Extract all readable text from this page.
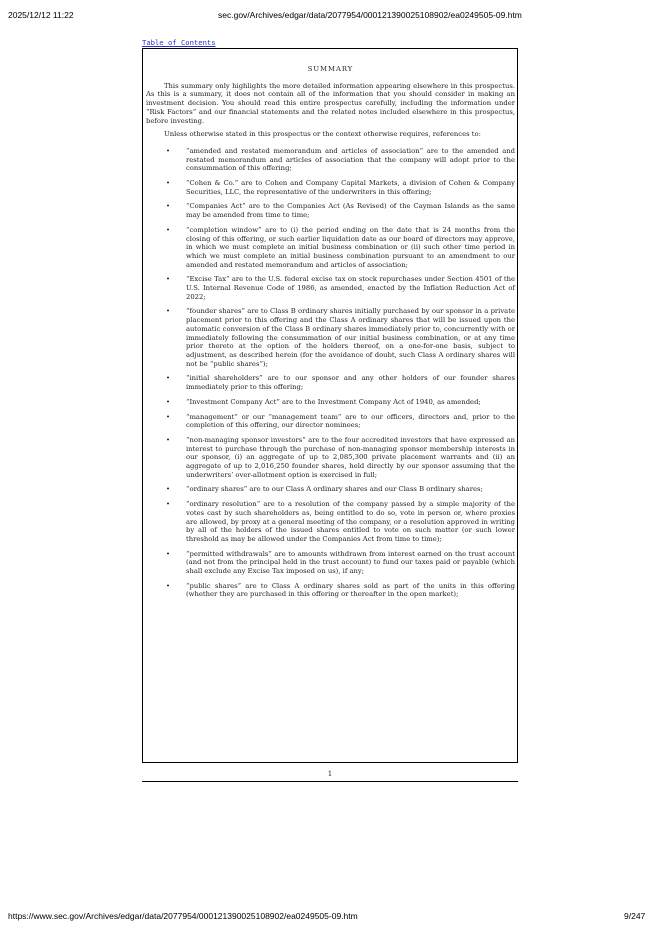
2025/12/12 11:22	sec.gov/Archives/edgar/data/2077954/000121390025108902/ea0249505-09.htm
Table of Contents
SUMMARY

This summary only highlights the more detailed information appearing elsewhere in this prospectus. As this is a summary, it does not contain all of the information that you should consider in making an investment decision. You should read this entire prospectus carefully, including the information under “Risk Factors” and our financial statements and the related notes included elsewhere in this prospectus, before investing.

Unless otherwise stated in this prospectus or the context otherwise requires, references to:

• “amended and restated memorandum and articles of association” are to the amended and restated memorandum and articles of association that the company will adopt prior to the consummation of this offering;
• “Cohen & Co.” are to Cohen and Company Capital Markets, a division of Cohen & Company Securities, LLC, the representative of the underwriters in this offering;
• “Companies Act” are to the Companies Act (As Revised) of the Cayman Islands as the same may be amended from time to time;
• “completion window” are to (i) the period ending on the date that is 24 months from the closing of this offering, or such earlier liquidation date as our board of directors may approve, in which we must complete an initial business combination or (ii) such other time period in which we must complete an initial business combination pursuant to an amendment to our amended and restated memorandum and articles of association;
• “Excise Tax” are to the U.S. federal excise tax on stock repurchases under Section 4501 of the U.S. Internal Revenue Code of 1986, as amended, enacted by the Inflation Reduction Act of 2022;
• “founder shares” are to Class B ordinary shares initially purchased by our sponsor in a private placement prior to this offering and the Class A ordinary shares that will be issued upon the automatic conversion of the Class B ordinary shares immediately prior to, concurrently with or immediately following the consummation of our initial business combination, or at any time prior thereto at the option of the holders thereof, on a one-for-one basis, subject to adjustment, as described herein (for the avoidance of doubt, such Class A ordinary shares will not be “public shares”);
• “initial shareholders” are to our sponsor and any other holders of our founder shares immediately prior to this offering;
• “Investment Company Act” are to the Investment Company Act of 1940, as amended;
• “management” or our “management team” are to our officers, directors and, prior to the completion of this offering, our director nominees;
• “non-managing sponsor investors” are to the four accredited investors that have expressed an interest to purchase through the purchase of non-managing sponsor membership interests in our sponsor, (i) an aggregate of up to 2,085,300 private placement warrants and (ii) an aggregate of up to 2,016,250 founder shares, held directly by our sponsor assuming that the underwriters’ over-allotment option is exercised in full;
• “ordinary shares” are to our Class A ordinary shares and our Class B ordinary shares;
• “ordinary resolution” are to a resolution of the company passed by a simple majority of the votes cast by such shareholders as, being entitled to do so, vote in person or, where proxies are allowed, by proxy at a general meeting of the company, or a resolution approved in writing by all of the holders of the issued shares entitled to vote on such matter (or such lower threshold as may be allowed under the Companies Act from time to time);
• “permitted withdrawals” are to amounts withdrawn from interest earned on the trust account (and not from the principal held in the trust account) to fund our taxes paid or payable (which shall exclude any Excise Tax imposed on us), if any;
• “public shares” are to Class A ordinary shares sold as part of the units in this offering (whether they are purchased in this offering or thereafter in the open market);
1
https://www.sec.gov/Archives/edgar/data/2077954/000121390025108902/ea0249505-09.htm	9/247
